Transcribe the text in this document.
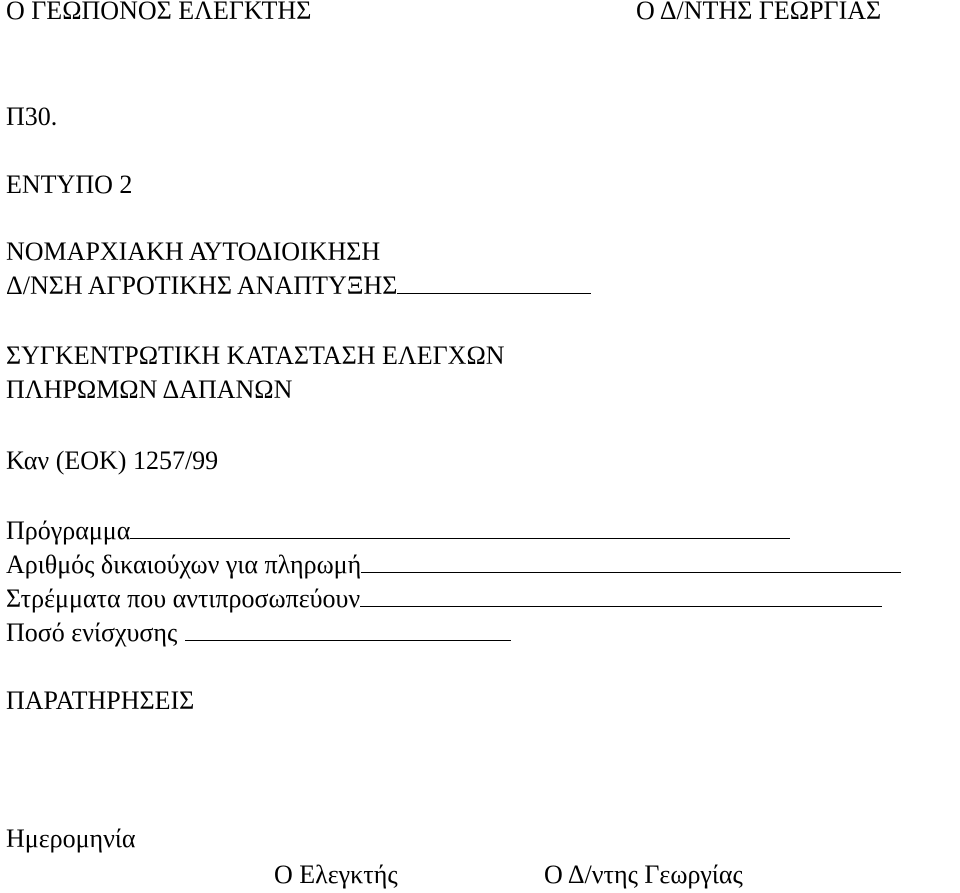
Ο ΓΕΩΠΟΝΟΣ ΕΛΕΓΚΤΗΣ	Ο Δ/ΝΤΗΣ ΓΕΩΡΓΙΑΣ
Π30.
ΕΝΤΥΠΟ 2
ΝΟΜΑΡΧΙΑΚΗ ΑΥΤΟΔΙΟΙΚΗΣΗ
Δ/ΝΣΗ ΑΓΡΟΤΙΚΗΣ ΑΝΑΠΤΥΞΗΣ
ΣΥΓΚΕΝΤΡΩΤΙΚΗ ΚΑΤΑΣΤΑΣΗ ΕΛΕΓΧΩΝ
ΠΛΗΡΩΜΩΝ ΔΑΠΑΝΩΝ
Καν (ΕΟΚ) 1257/99
Πρόγραμμα
Αριθμός δικαιούχων για πληρωμή
Στρέμματα που αντιπροσωπεύουν
Ποσό ενίσχυσης
ΠΑΡΑΤΗΡΗΣΕΙΣ
Ημερομηνία
Ο Ελεγκτής	Ο Δ/ντης Γεωργίας
